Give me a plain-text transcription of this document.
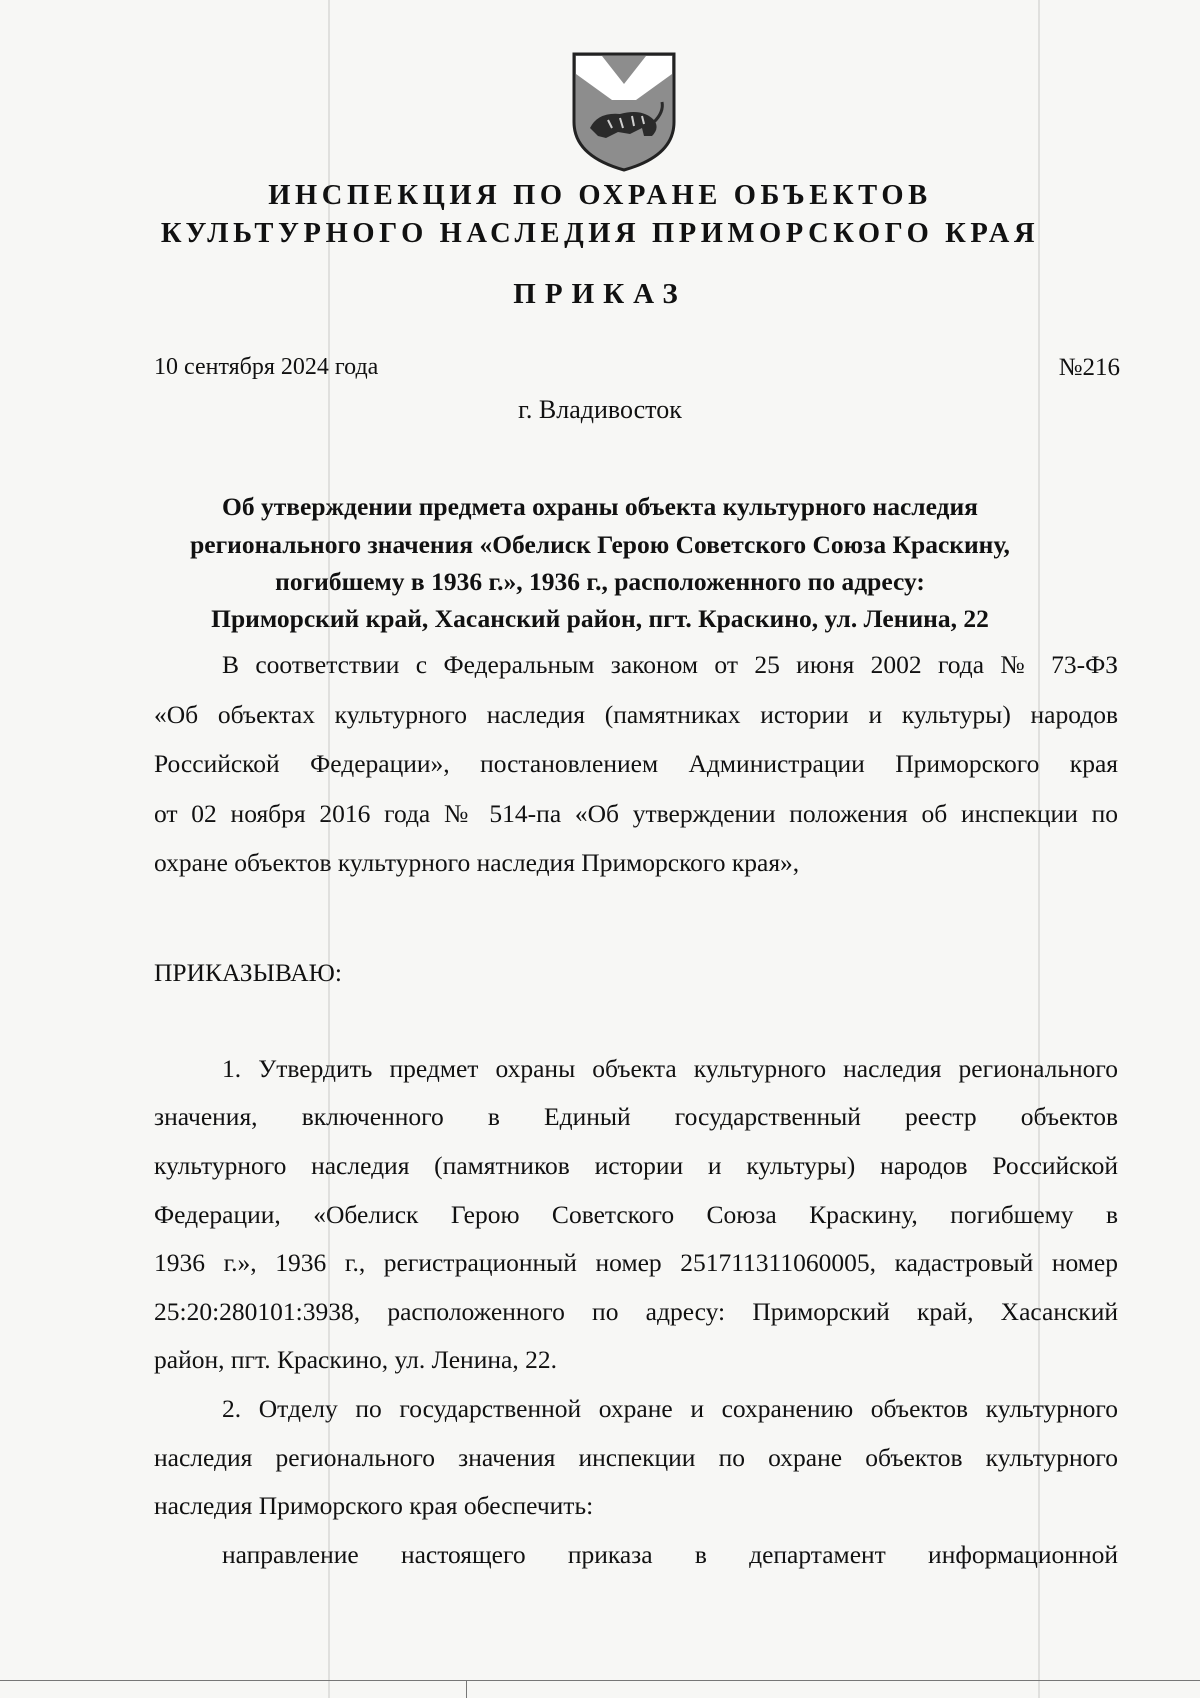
ИНСПЕКЦИЯ ПО ОХРАНЕ ОБЪЕКТОВ
КУЛЬТУРНОГО НАСЛЕДИЯ ПРИМОРСКОГО КРАЯ
ПРИКАЗ
10 сентября 2024 года	№216
г. Владивосток
Об утверждении предмета охраны объекта культурного наследия
регионального значения «Обелиск Герою Советского Союза Краскину,
погибшему в 1936 г.», 1936 г., расположенного по адресу:
Приморский край, Хасанский район, пгт. Краскино, ул. Ленина, 22
В соответствии с Федеральным законом от 25 июня 2002 года № 73-ФЗ
«Об объектах культурного наследия (памятниках истории и культуры) народов
Российской Федерации», постановлением Администрации Приморского края
от 02 ноября 2016 года № 514-па «Об утверждении положения об инспекции по
охране объектов культурного наследия Приморского края»,
ПРИКАЗЫВАЮ:
1. Утвердить предмет охраны объекта культурного наследия регионального
значения, включенного в Единый государственный реестр объектов
культурного наследия (памятников истории и культуры) народов Российской
Федерации, «Обелиск Герою Советского Союза Краскину, погибшему в
1936 г.», 1936 г., регистрационный номер 251711311060005, кадастровый номер
25:20:280101:3938, расположенного по адресу: Приморский край, Хасанский
район, пгт. Краскино, ул. Ленина, 22.
2. Отделу по государственной охране и сохранению объектов культурного
наследия регионального значения инспекции по охране объектов культурного
наследия Приморского края обеспечить:
направление настоящего приказа в департамент информационной
